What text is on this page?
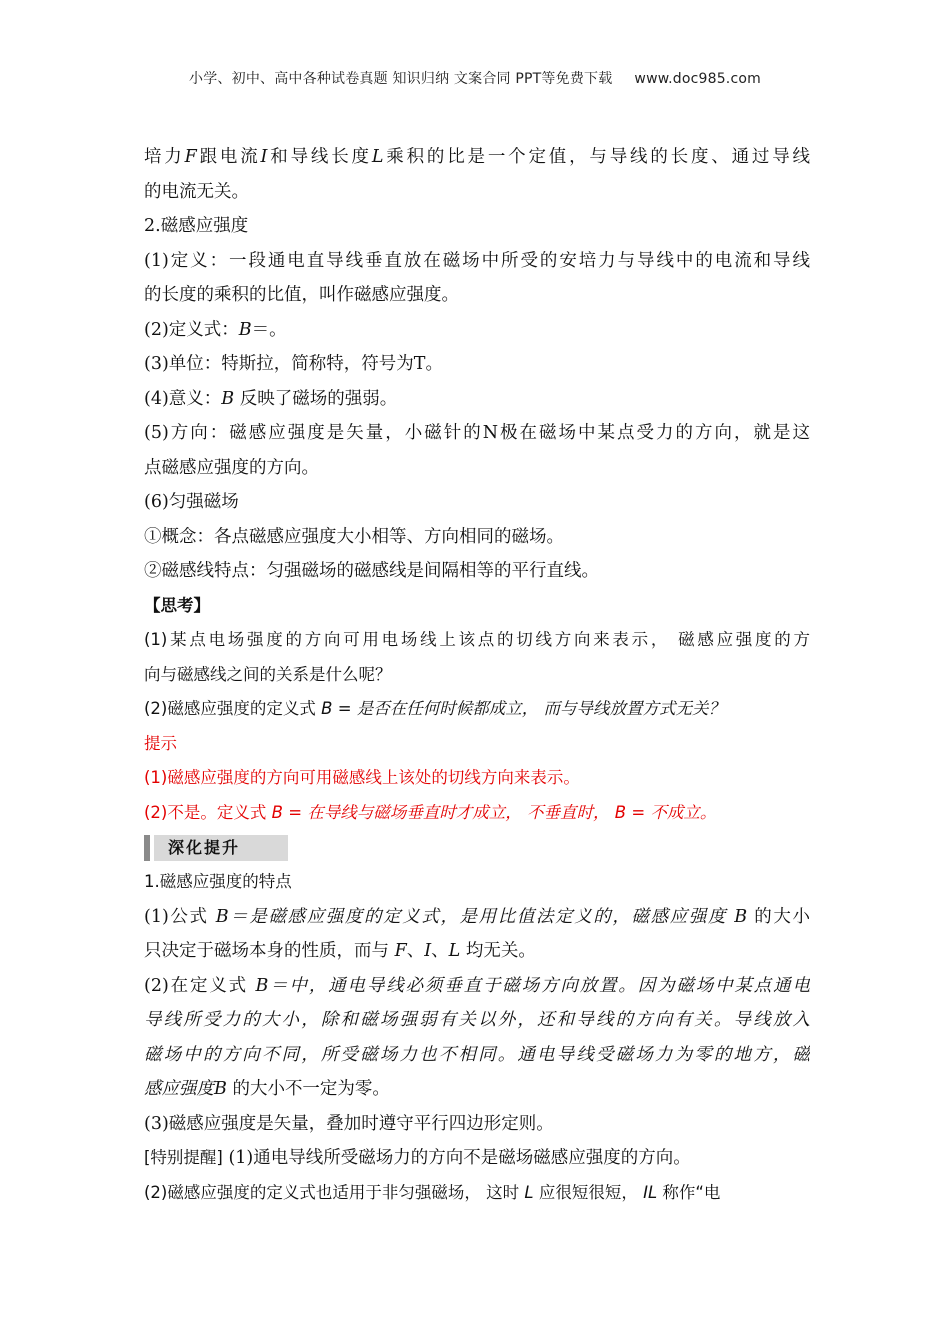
小学、初中、高中各种试卷真题 知识归纳 文案合同 PPT等免费下载 www.doc985.com
培力F跟电流I和导线长度L乘积的比是一个定值，与导线的长度、通过导线
的电流无关。
2.磁感应强度
(1)定义：一段通电直导线垂直放在磁场中所受的安培力与导线中的电流和导线
的长度的乘积的比值，叫作磁感应强度。
(2)定义式：B＝。
(3)单位：特斯拉，简称特，符号为T。
(4)意义：B 反映了磁场的强弱。
(5)方向：磁感应强度是矢量，小磁针的N极在磁场中某点受力的方向，就是这
点磁感应强度的方向。
(6)匀强磁场
①概念：各点磁感应强度大小相等、方向相同的磁场。
②磁感线特点：匀强磁场的磁感线是间隔相等的平行直线。
【思考】
(1)某点电场强度的方向可用电场线上该点的切线方向来表示， 磁感应强度的方
向与磁感线之间的关系是什么呢？
(2)磁感应强度的定义式 B = 是否在任何时候都成立， 而与导线放置方式无关？
提示
(1)磁感应强度的方向可用磁感线上该处的切线方向来表示。
(2)不是。定义式 B = 在导线与磁场垂直时才成立， 不垂直时， B = 不成立。
深化提升
1.磁感应强度的特点
(1)公式 B＝是磁感应强度的定义式，是用比值法定义的，磁感应强度 B 的大小
只决定于磁场本身的性质，而与 F、I、L 均无关。
(2)在定义式 B＝中，通电导线必须垂直于磁场方向放置。因为磁场中某点通电
导线所受力的大小，除和磁场强弱有关以外，还和导线的方向有关。导线放入
磁场中的方向不同，所受磁场力也不相同。通电导线受磁场力为零的地方，磁
感应强度B 的大小不一定为零。
(3)磁感应强度是矢量，叠加时遵守平行四边形定则。
[特别提醒] (1)通电导线所受磁场力的方向不是磁场磁感应强度的方向。
(2)磁感应强度的定义式也适用于非匀强磁场， 这时 L 应很短很短， IL 称作“电
